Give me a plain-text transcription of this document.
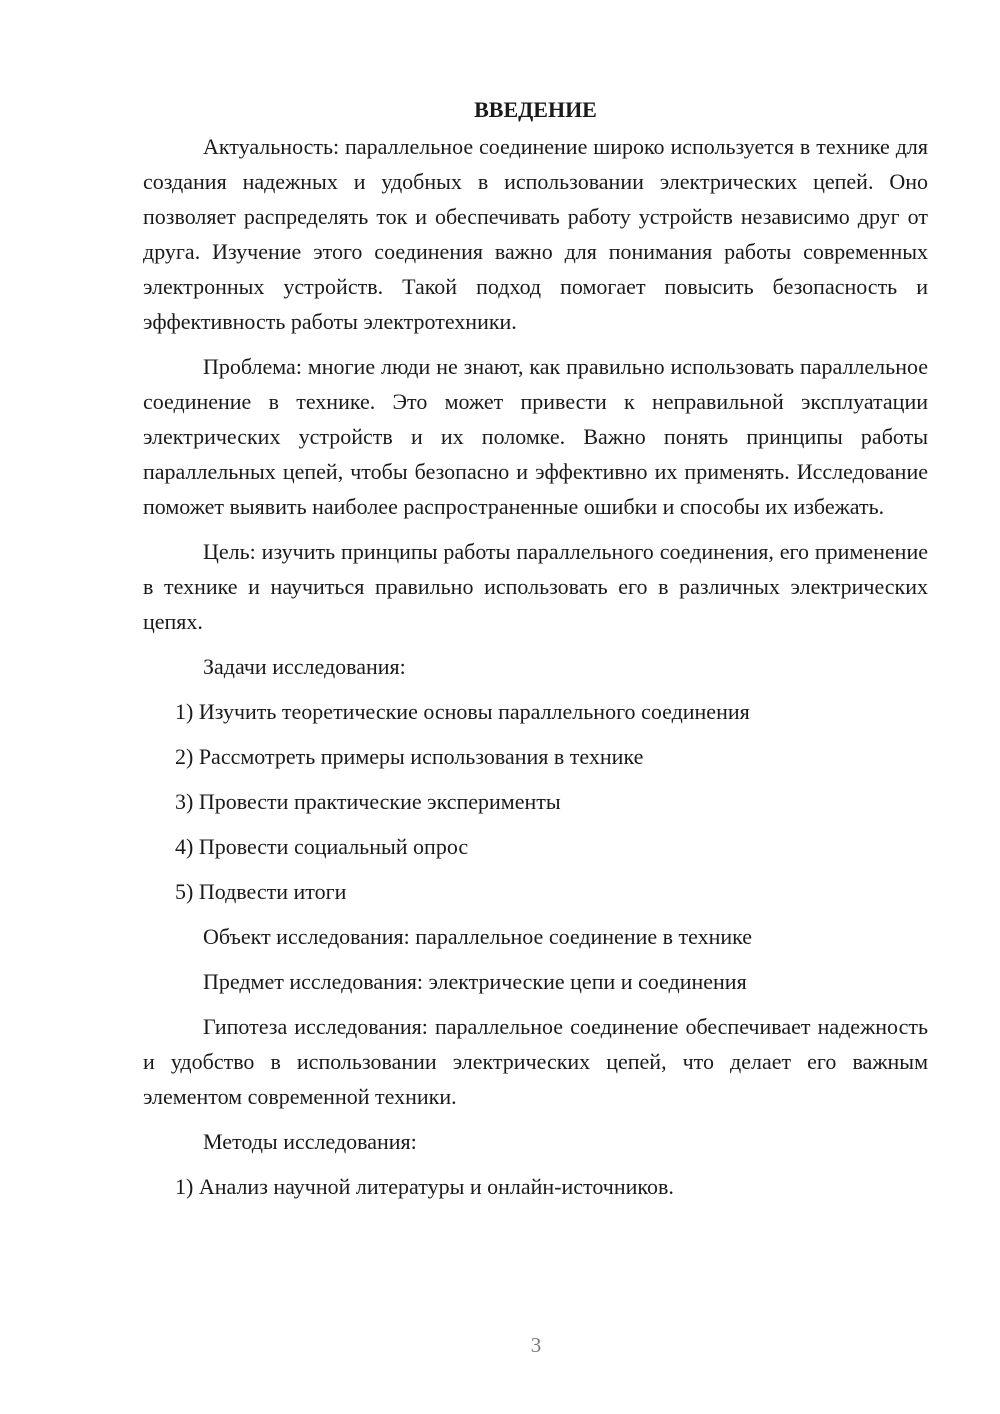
ВВЕДЕНИЕ

Актуальность: параллельное соединение широко используется в технике для создания надежных и удобных в использовании электрических цепей. Оно позволяет распределять ток и обеспечивать работу устройств независимо друг от друга. Изучение этого соединения важно для понимания работы современных электронных устройств. Такой подход помогает повысить безопасность и эффективность работы электротехники.

Проблема: многие люди не знают, как правильно использовать параллельное соединение в технике. Это может привести к неправильной эксплуатации электрических устройств и их поломке. Важно понять принципы работы параллельных цепей, чтобы безопасно и эффективно их применять. Исследование поможет выявить наиболее распространенные ошибки и способы их избежать.

Цель: изучить принципы работы параллельного соединения, его применение в технике и научиться правильно использовать его в различных электрических цепях.

Задачи исследования:
1) Изучить теоретические основы параллельного соединения
2) Рассмотреть примеры использования в технике
3) Провести практические эксперименты
4) Провести социальный опрос
5) Подвести итоги
Объект исследования: параллельное соединение в технике
Предмет исследования: электрические цепи и соединения

Гипотеза исследования: параллельное соединение обеспечивает надежность и удобство в использовании электрических цепей, что делает его важным элементом современной техники.

Методы исследования:
1) Анализ научной литературы и онлайн-источников.
3
